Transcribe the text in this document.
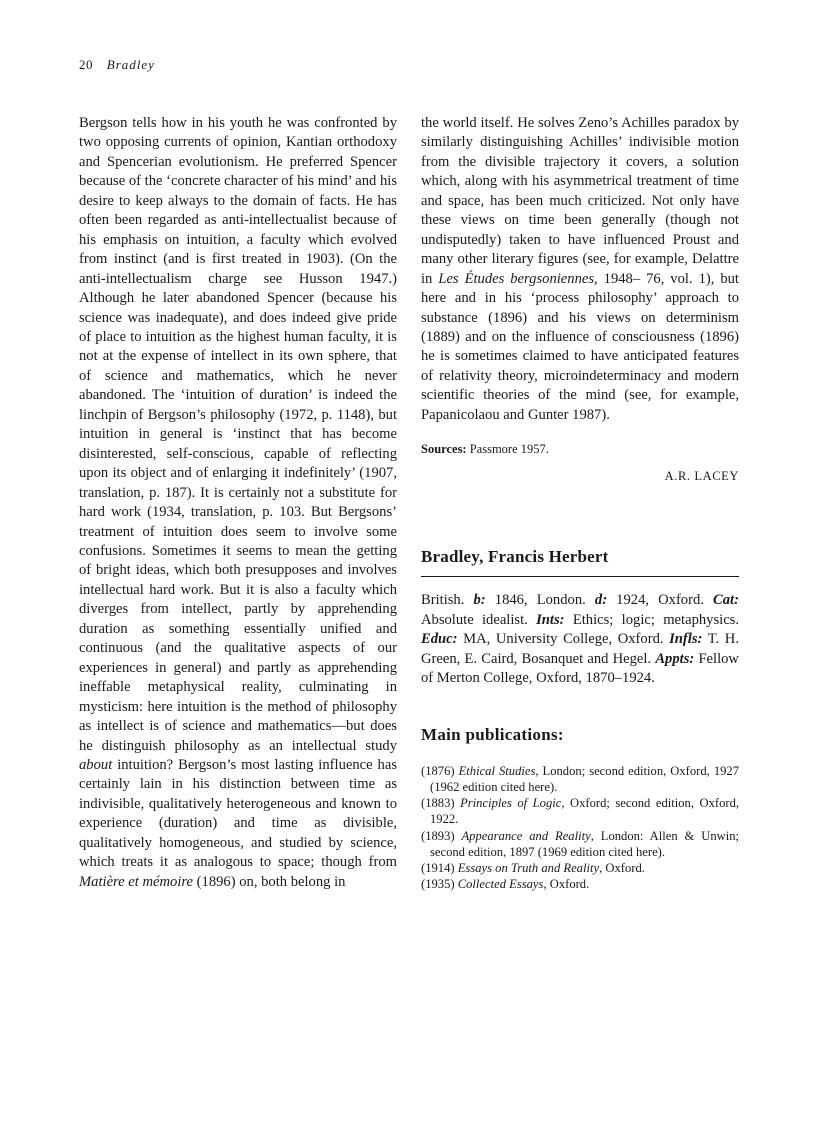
20 Bradley

Bergson tells how in his youth he was confronted by two opposing currents of opinion, Kantian orthodoxy and Spencerian evolutionism. He preferred Spencer because of the ‘concrete character of his mind’ and his desire to keep always to the domain of facts. He has often been regarded as anti-intellectualist because of his emphasis on intuition, a faculty which evolved from instinct (and is first treated in 1903). (On the anti-intellectualism charge see Husson 1947.) Although he later abandoned Spencer (because his science was inadequate), and does indeed give pride of place to intuition as the highest human faculty, it is not at the expense of intellect in its own sphere, that of science and mathematics, which he never abandoned. The ‘intuition of duration’ is indeed the linchpin of Bergson’s philosophy (1972, p. 1148), but intuition in general is ‘instinct that has become disinterested, self-conscious, capable of reflecting upon its object and of enlarging it indefinitely’ (1907, translation, p. 187). It is certainly not a substitute for hard work (1934, translation, p. 103. But Bergsons’ treatment of intuition does seem to involve some confusions. Sometimes it seems to mean the getting of bright ideas, which both presupposes and involves intellectual hard work. But it is also a faculty which diverges from intellect, partly by apprehending duration as something essentially unified and continuous (and the qualitative aspects of our experiences in general) and partly as apprehending ineffable metaphysical reality, culminating in mysticism: here intuition is the method of philosophy as intellect is of science and mathematics—but does he distinguish philosophy as an intellectual study about intuition? Bergson’s most lasting influence has certainly lain in his distinction between time as indivisible, qualitatively heterogeneous and known to experience (duration) and time as divisible, qualitatively homogeneous, and studied by science, which treats it as analogous to space; though from Matière et mémoire (1896) on, both belong in

the world itself. He solves Zeno’s Achilles paradox by similarly distinguishing Achilles’ indivisible motion from the divisible trajectory it covers, a solution which, along with his asymmetrical treatment of time and space, has been much criticized. Not only have these views on time been generally (though not undisputedly) taken to have influenced Proust and many other literary figures (see, for example, Delattre in Les Études bergsoniennes, 1948– 76, vol. 1), but here and in his ‘process philosophy’ approach to substance (1896) and his views on determinism (1889) and on the influence of consciousness (1896) he is sometimes claimed to have anticipated features of relativity theory, microindeterminacy and modern scientific theories of the mind (see, for example, Papanicolaou and Gunter 1987).

Sources: Passmore 1957.

A.R. LACEY
Bradley, Francis Herbert

British. b: 1846, London. d: 1924, Oxford. Cat: Absolute idealist. Ints: Ethics; logic; metaphysics. Educ: MA, University College, Oxford. Infls: T. H. Green, E. Caird, Bosanquet and Hegel. Appts: Fellow of Merton College, Oxford, 1870–1924.

Main publications:
(1876) Ethical Studies, London; second edition, Oxford, 1927 (1962 edition cited here).
(1883) Principles of Logic, Oxford; second edition, Oxford, 1922.
(1893) Appearance and Reality, London: Allen & Unwin; second edition, 1897 (1969 edition cited here).
(1914) Essays on Truth and Reality, Oxford.
(1935) Collected Essays, Oxford.
